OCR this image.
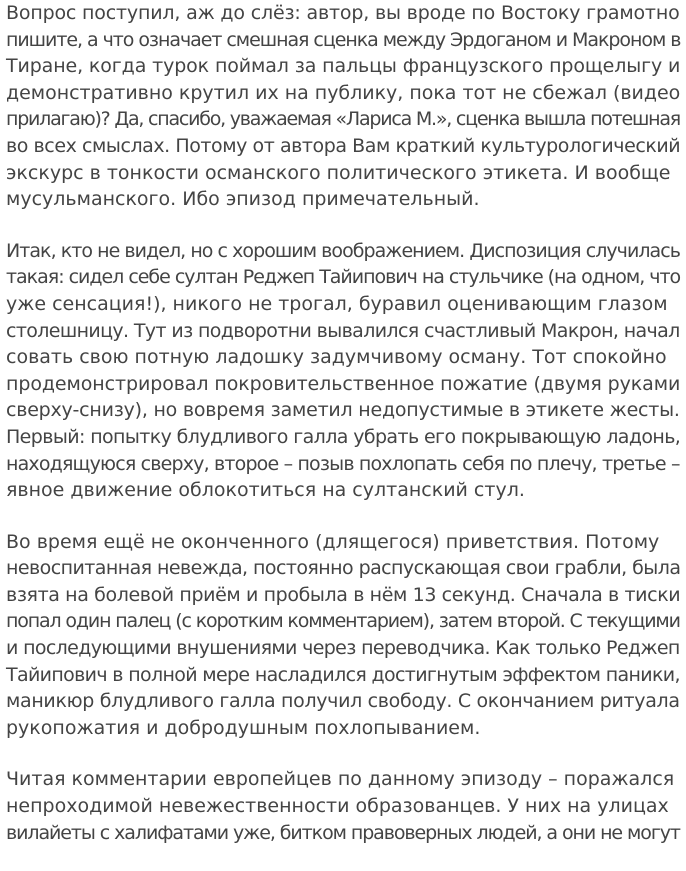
Вопрос поступил, аж до слёз: автор, вы вроде по Востоку грамотно
пишите, а что означает смешная сценка между Эрдоганом и Макроном в
Тиране, когда турок поймал за пальцы французского прощелыгу и
демонстративно крутил их на публику, пока тот не сбежал (видео
прилагаю)? Да, спасибо, уважаемая «Лариса М.», сценка вышла потешная
во всех смыслах. Потому от автора Вам краткий культурологический
экскурс в тонкости османского политического этикета. И вообще
мусульманского. Ибо эпизод примечательный.

Итак, кто не видел, но с хорошим воображением. Диспозиция случилась
такая: сидел себе султан Реджеп Тайипович на стульчике (на одном, что
уже сенсация!), никого не трогал, буравил оценивающим глазом
столешницу. Тут из подворотни вывалился счастливый Макрон, начал
совать свою потную ладошку задумчивому осману. Тот спокойно
продемонстрировал покровительственное пожатие (двумя руками
сверху-снизу), но вовремя заметил недопустимые в этикете жесты.
Первый: попытку блудливого галла убрать его покрывающую ладонь,
находящуюся сверху, второе – позыв похлопать себя по плечу, третье –
явное движение облокотиться на султанский стул.

Во время ещё не оконченного (длящегося) приветствия. Потому
невоспитанная невежда, постоянно распускающая свои грабли, была
взята на болевой приём и пробыла в нём 13 секунд. Сначала в тиски
попал один палец (с коротким комментарием), затем второй. С текущими
и последующими внушениями через переводчика. Как только Реджеп
Тайипович в полной мере насладился достигнутым эффектом паники,
маникюр блудливого галла получил свободу. С окончанием ритуала
рукопожатия и добродушным похлопыванием.

Читая комментарии европейцев по данному эпизоду – поражался
непроходимой невежественности образованцев. У них на улицах
вилайеты с халифатами уже, битком правоверных людей, а они не могут
